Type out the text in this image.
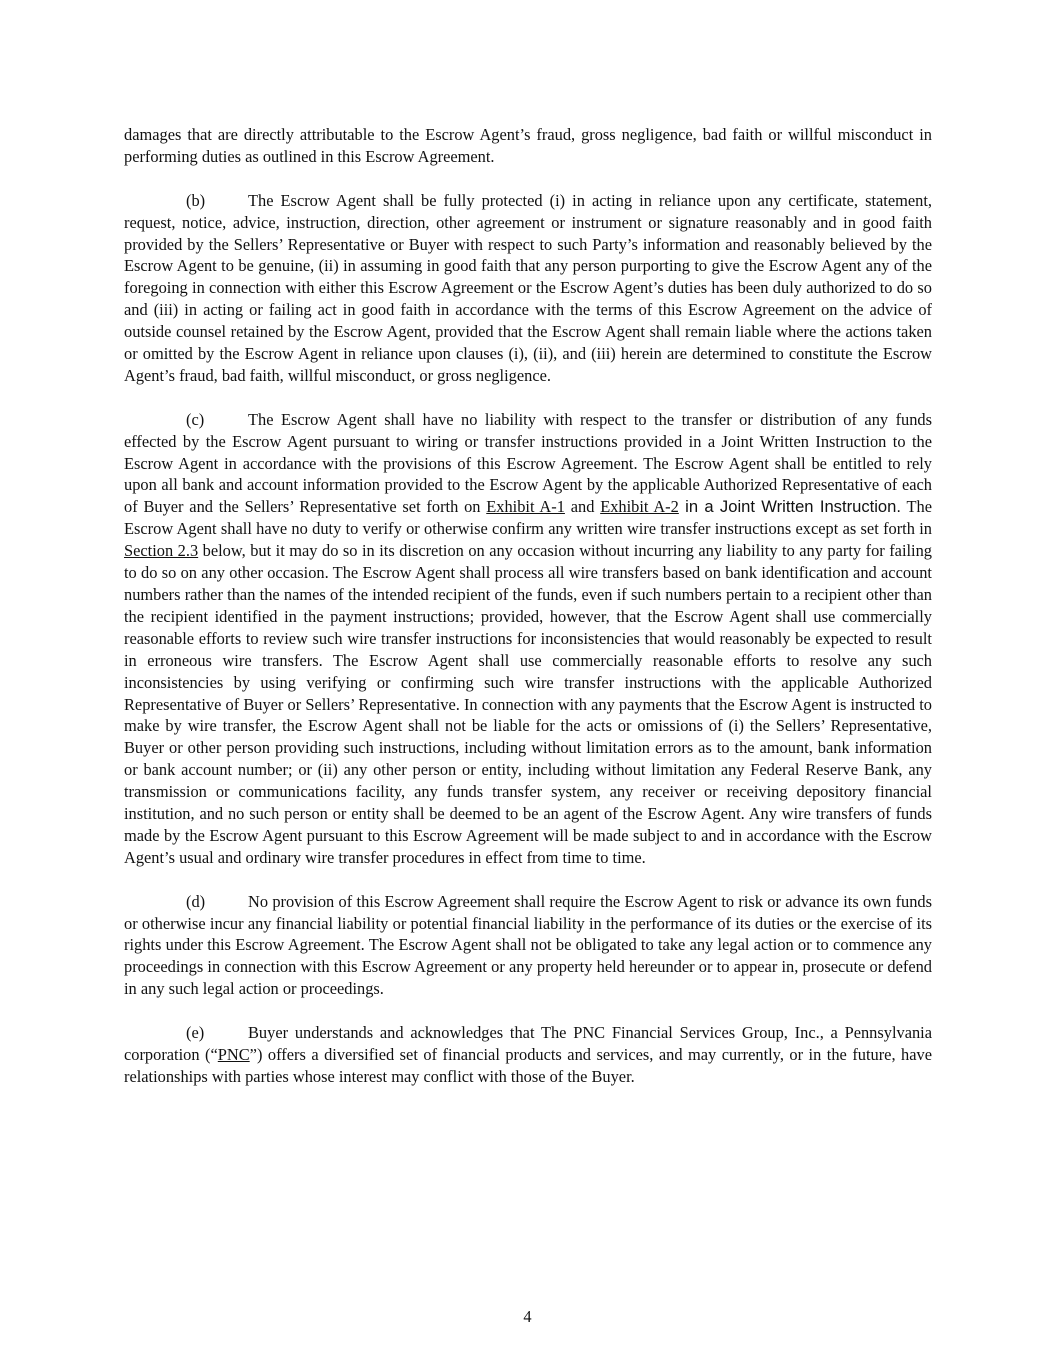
damages that are directly attributable to the Escrow Agent’s fraud, gross negligence, bad faith or willful misconduct in performing duties as outlined in this Escrow Agreement.

(b)	The Escrow Agent shall be fully protected (i) in acting in reliance upon any certificate, statement, request, notice, advice, instruction, direction, other agreement or instrument or signature reasonably and in good faith provided by the Sellers’ Representative or Buyer with respect to such Party’s information and reasonably believed by the Escrow Agent to be genuine, (ii) in assuming in good faith that any person purporting to give the Escrow Agent any of the foregoing in connection with either this Escrow Agreement or the Escrow Agent’s duties has been duly authorized to do so and (iii) in acting or failing act in good faith in accordance with the terms of this Escrow Agreement on the advice of outside counsel retained by the Escrow Agent, provided that the Escrow Agent shall remain liable where the actions taken or omitted by the Escrow Agent in reliance upon clauses (i), (ii), and (iii) herein are determined to constitute the Escrow Agent’s fraud, bad faith, willful misconduct, or gross negligence.

(c)	The Escrow Agent shall have no liability with respect to the transfer or distribution of any funds effected by the Escrow Agent pursuant to wiring or transfer instructions provided in a Joint Written Instruction to the Escrow Agent in accordance with the provisions of this Escrow Agreement. The Escrow Agent shall be entitled to rely upon all bank and account information provided to the Escrow Agent by the applicable Authorized Representative of each of Buyer and the Sellers’ Representative set forth on Exhibit A-1 and Exhibit A-2 in a Joint Written Instruction. The Escrow Agent shall have no duty to verify or otherwise confirm any written wire transfer instructions except as set forth in Section 2.3 below, but it may do so in its discretion on any occasion without incurring any liability to any party for failing to do so on any other occasion. The Escrow Agent shall process all wire transfers based on bank identification and account numbers rather than the names of the intended recipient of the funds, even if such numbers pertain to a recipient other than the recipient identified in the payment instructions; provided, however, that the Escrow Agent shall use commercially reasonable efforts to review such wire transfer instructions for inconsistencies that would reasonably be expected to result in erroneous wire transfers. The Escrow Agent shall use commercially reasonable efforts to resolve any such inconsistencies by using verifying or confirming such wire transfer instructions with the applicable Authorized Representative of Buyer or Sellers’ Representative. In connection with any payments that the Escrow Agent is instructed to make by wire transfer, the Escrow Agent shall not be liable for the acts or omissions of (i) the Sellers’ Representative, Buyer or other person providing such instructions, including without limitation errors as to the amount, bank information or bank account number; or (ii) any other person or entity, including without limitation any Federal Reserve Bank, any transmission or communications facility, any funds transfer system, any receiver or receiving depository financial institution, and no such person or entity shall be deemed to be an agent of the Escrow Agent. Any wire transfers of funds made by the Escrow Agent pursuant to this Escrow Agreement will be made subject to and in accordance with the Escrow Agent’s usual and ordinary wire transfer procedures in effect from time to time.

(d)	No provision of this Escrow Agreement shall require the Escrow Agent to risk or advance its own funds or otherwise incur any financial liability or potential financial liability in the performance of its duties or the exercise of its rights under this Escrow Agreement. The Escrow Agent shall not be obligated to take any legal action or to commence any proceedings in connection with this Escrow Agreement or any property held hereunder or to appear in, prosecute or defend in any such legal action or proceedings.

(e)	Buyer understands and acknowledges that The PNC Financial Services Group, Inc., a Pennsylvania corporation (“PNC”) offers a diversified set of financial products and services, and may currently, or in the future, have relationships with parties whose interest may conflict with those of the Buyer.

4
